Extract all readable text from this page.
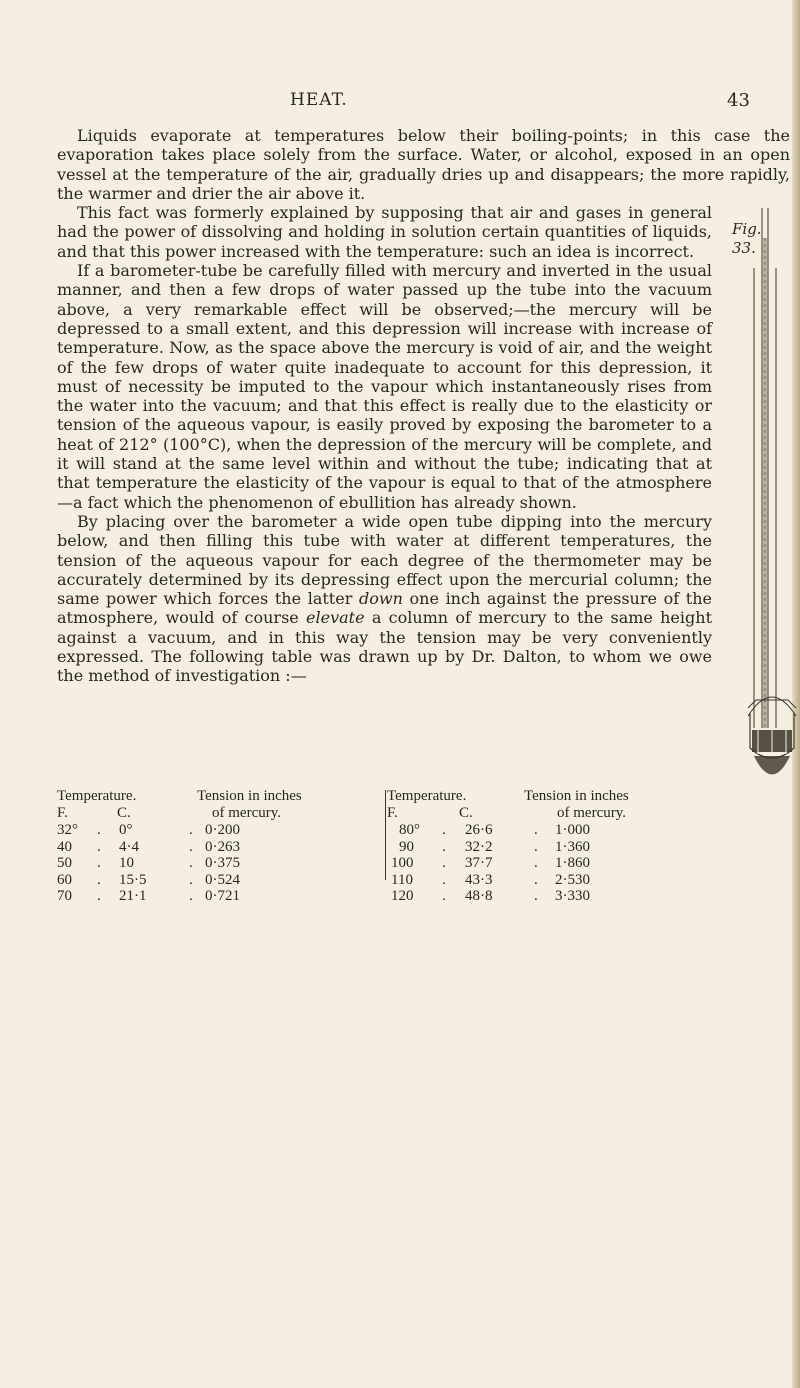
HEAT.	43

Liquids evaporate at temperatures below their boiling-points; in this case the evaporation takes place solely from the surface. Water, or alcohol, exposed in an open vessel at the temperature of the air, gradually dries up and disappears; the more rapidly, the warmer and drier the air above it.

Fig. 33.

This fact was formerly explained by supposing that air and gases in general had the power of dissolving and holding in solution certain quantities of liquids, and that this power increased with the temperature: such an idea is incorrect.

If a barometer-tube be carefully filled with mercury and inverted in the usual manner, and then a few drops of water passed up the tube into the vacuum above, a very remarkable effect will be observed;—the mercury will be depressed to a small extent, and this depression will increase with increase of temperature. Now, as the space above the mercury is void of air, and the weight of the few drops of water quite inadequate to account for this depression, it must of necessity be imputed to the vapour which instantaneously rises from the water into the vacuum; and that this effect is really due to the elasticity or tension of the aqueous vapour, is easily proved by exposing the barometer to a heat of 212° (100°C), when the depression of the mercury will be complete, and it will stand at the same level within and without the tube; indicating that at that temperature the elasticity of the vapour is equal to that of the atmosphere—a fact which the phenomenon of ebullition has already shown.

By placing over the barometer a wide open tube dipping into the mercury below, and then filling this tube with water at different temperatures, the tension of the aqueous vapour for each degree of the thermometer may be accurately determined by its depressing effect upon the mercurial column; the same power which forces the latter down one inch against the pressure of the atmosphere, would of course elevate a column of mercury to the same height against a vacuum, and in this way the tension may be very conveniently expressed. The following table was drawn up by Dr. Dalton, to whom we owe the method of investigation :—

Temperature.	Tension in inches
F.	C.	of mercury.
32° . 0°	. 0·200
40 . 4·4	. 0·263
50 . 10	. 0·375
60 . 15·5	. 0·524
70 . 21·1	. 0·721
Temperature.	Tension in inches
F.	C.	of mercury.
80° . 26·6	. 1·000
90 . 32·2	. 1·360
100 . 37·7	. 1·860
110 . 43·3	. 2·530
120 . 48·8	. 3·330
